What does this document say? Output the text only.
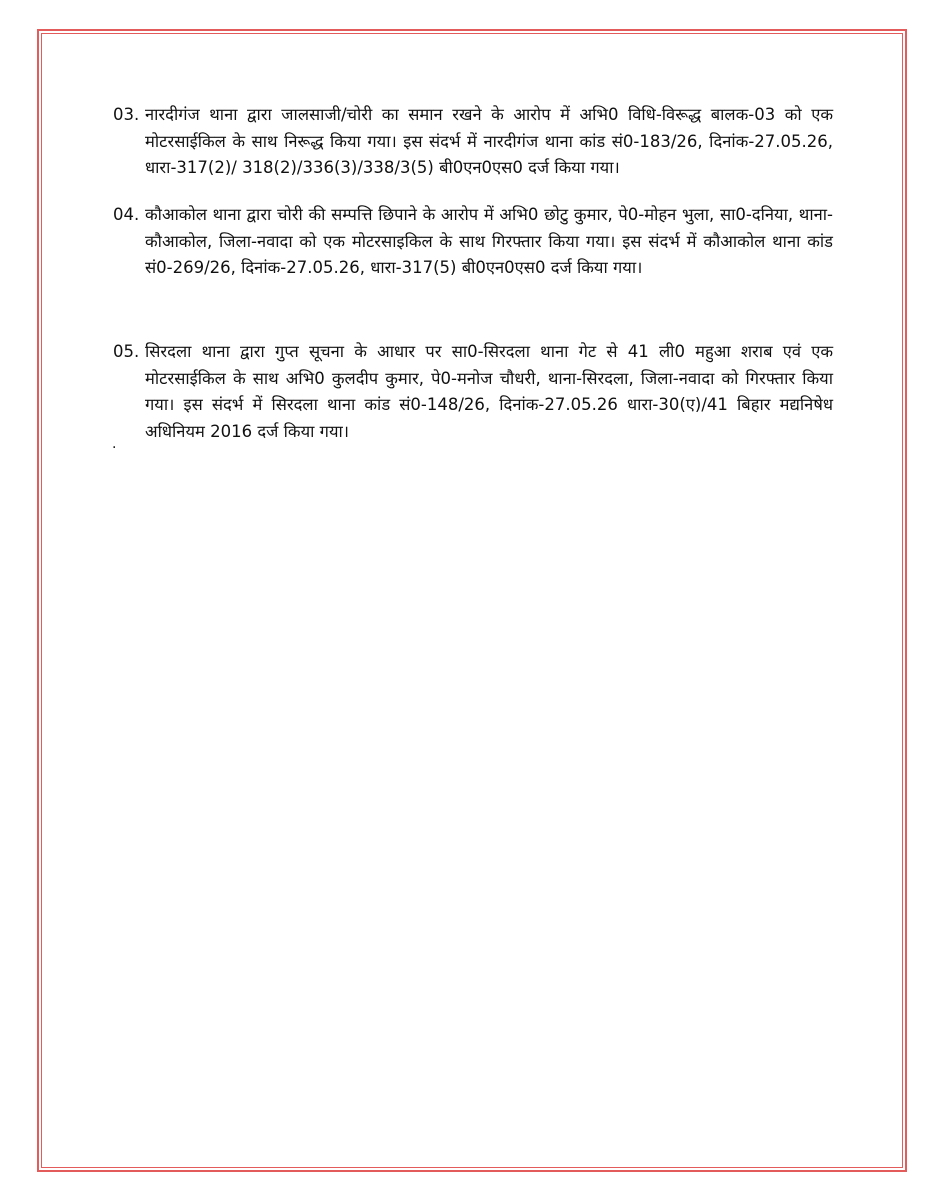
03. नारदीगंज थाना द्वारा जालसाजी/चोरी का समान रखने के आरोप में अभि0 विधि-विरूद्ध बालक-03 को एक मोटरसाईकिल के साथ निरूद्ध किया गया। इस संदर्भ में नारदीगंज थाना कांड सं0-183/26, दिनांक-27.05.26, धारा-317(2)/ 318(2)/336(3)/338/3(5) बी0एन0एस0 दर्ज किया गया।
04. कौआकोल थाना द्वारा चोरी की सम्पत्ति छिपाने के आरोप में अभि0 छोटु कुमार, पे0-मोहन भुला, सा0-दनिया, थाना-कौआकोल, जिला-नवादा को एक मोटरसाइकिल के साथ गिरफ्तार किया गया। इस संदर्भ में कौआकोल थाना कांड सं0-269/26, दिनांक-27.05.26, धारा-317(5) बी0एन0एस0 दर्ज किया गया।
05. सिरदला थाना द्वारा गुप्त सूचना के आधार पर सा0-सिरदला थाना गेट से 41 ली0 महुआ शराब एवं एक मोटरसाईकिल के साथ अभि0 कुलदीप कुमार, पे0-मनोज चौधरी, थाना-सिरदला, जिला-नवादा को गिरफ्तार किया गया। इस संदर्भ में सिरदला थाना कांड सं0-148/26, दिनांक-27.05.26 धारा-30(ए)/41 बिहार मद्यनिषेध अधिनियम 2016 दर्ज किया गया।
.
